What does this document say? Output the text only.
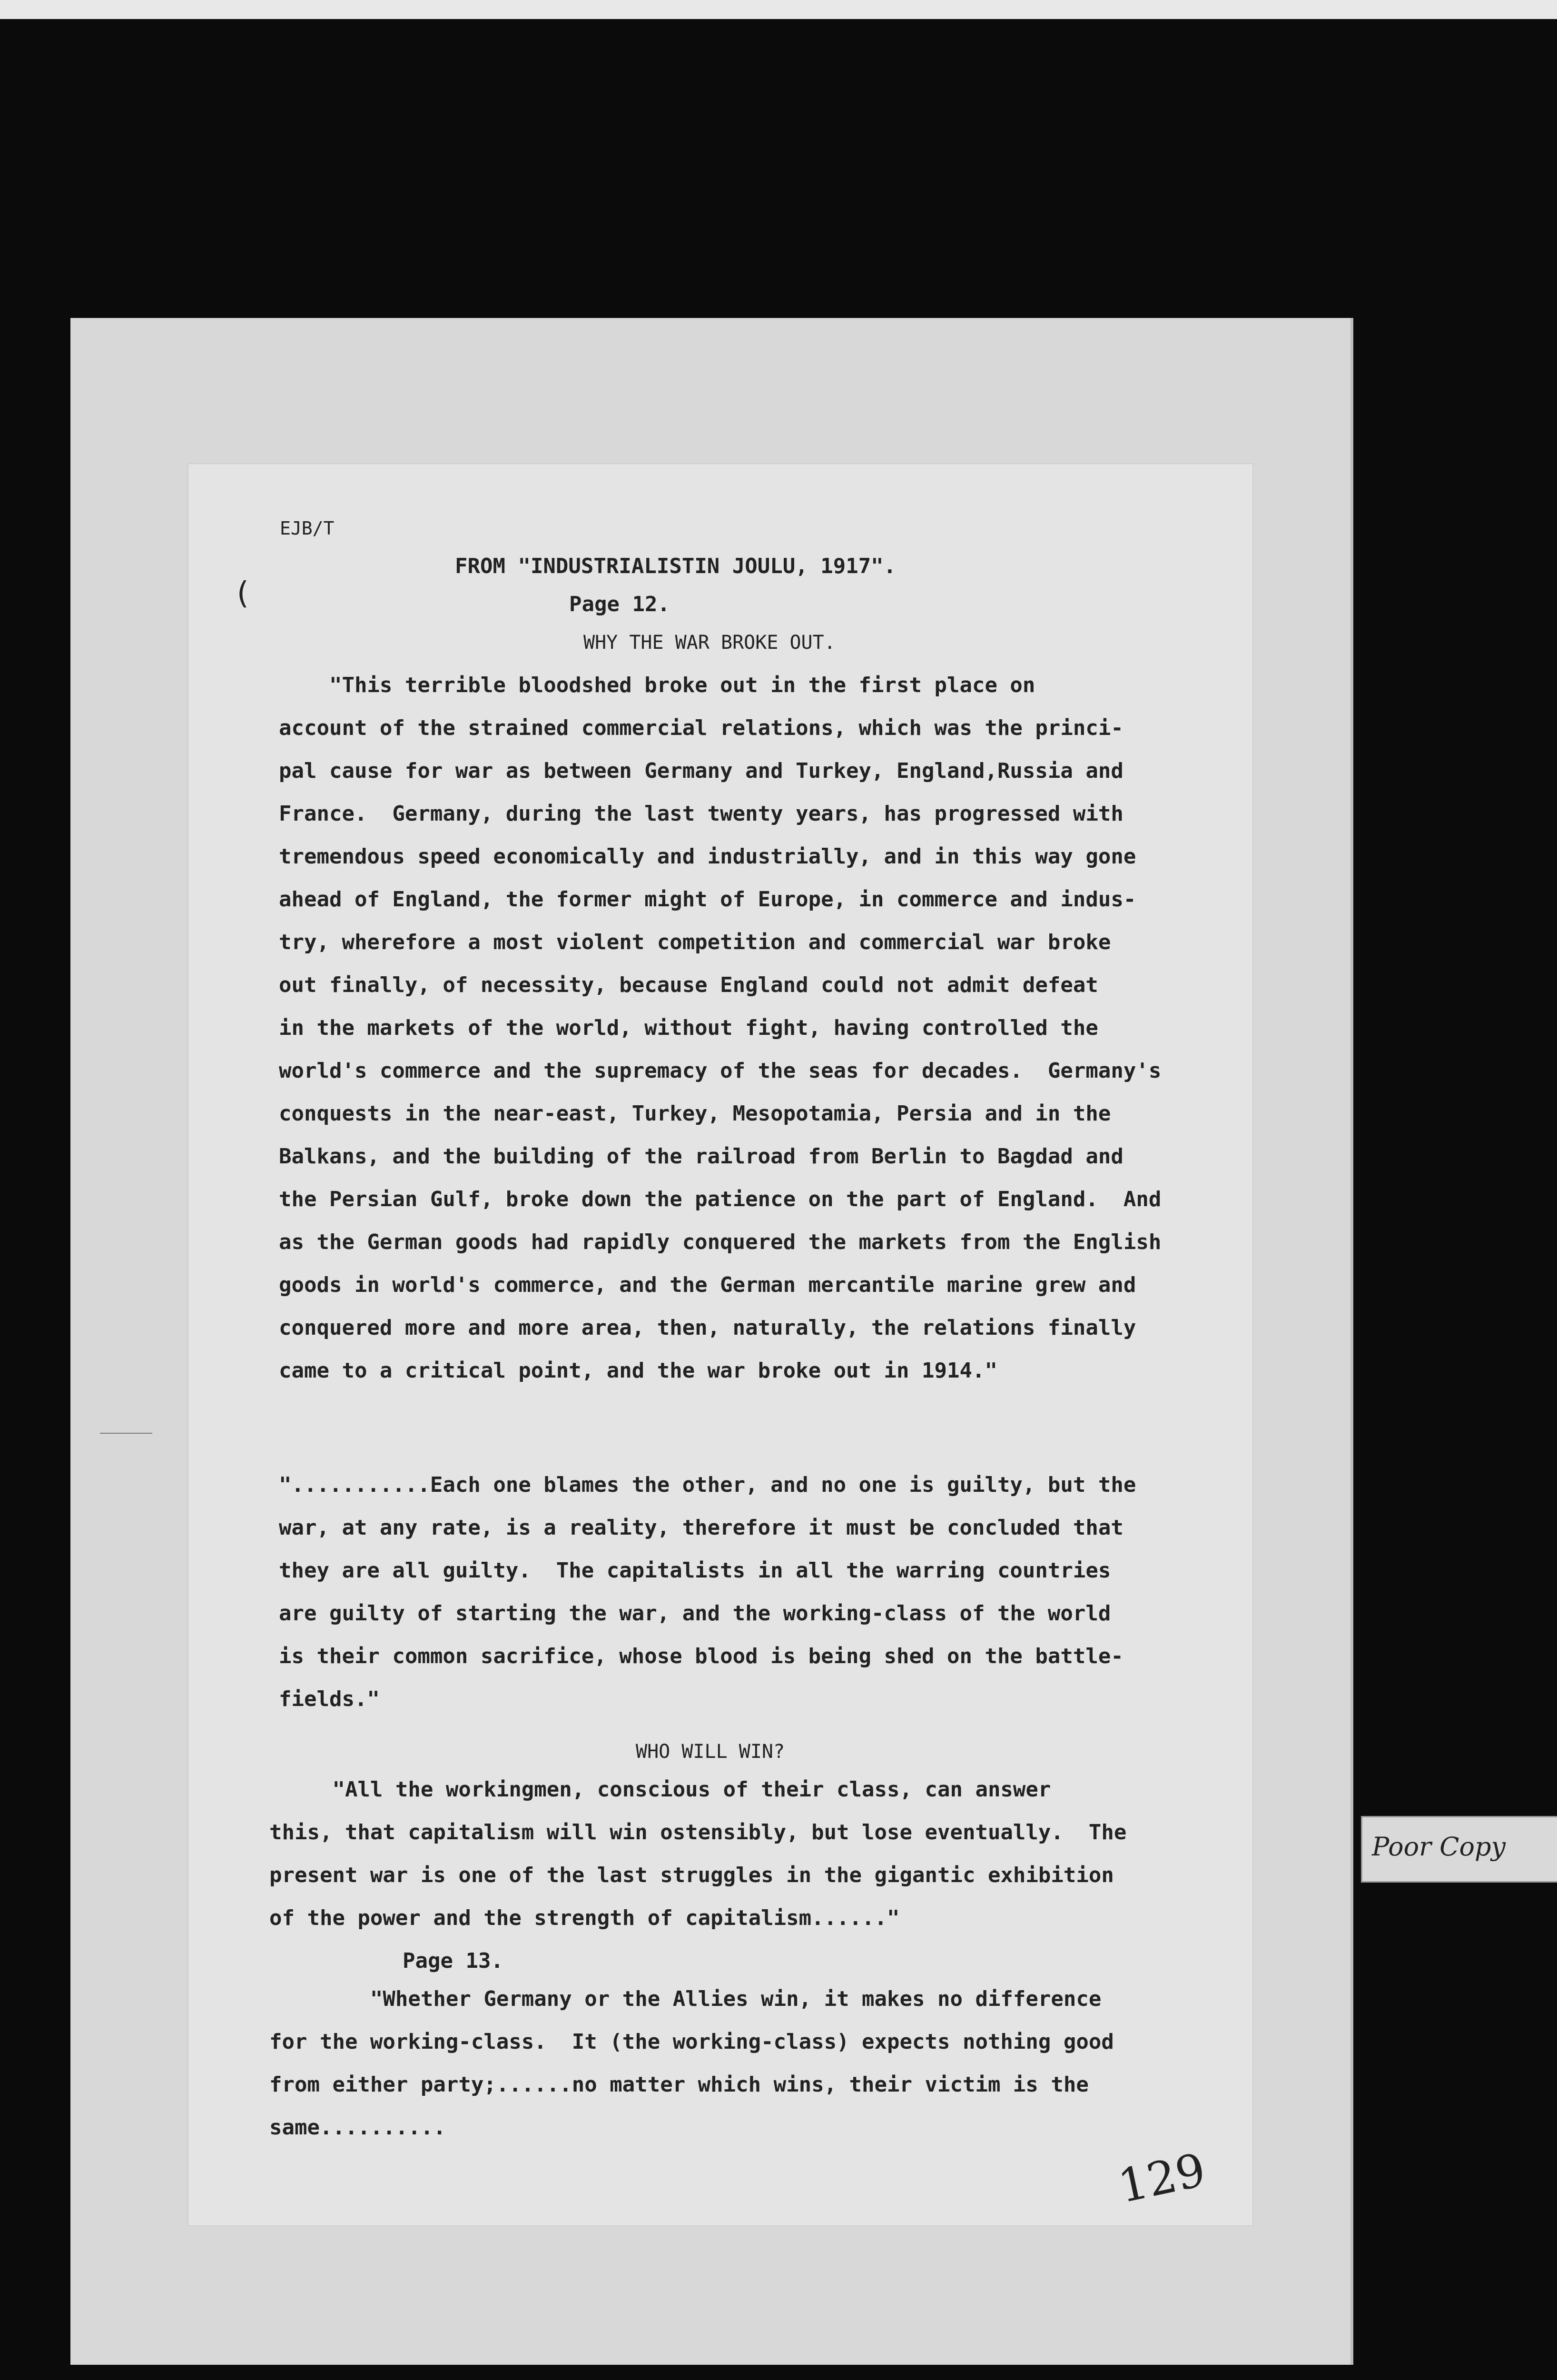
EJB/T
FROM "INDUSTRIALISTIN JOULU, 1917".
Page 12.
WHY THE WAR BROKE OUT.
"This terrible bloodshed broke out in the first place on
account of the strained commercial relations, which was the princi-
pal cause for war as between Germany and Turkey, England,Russia and
France.  Germany, during the last twenty years, has progressed with
tremendous speed economically and industrially, and in this way gone
ahead of England, the former might of Europe, in commerce and indus-
try, wherefore a most violent competition and commercial war broke
out finally, of necessity, because England could not admit defeat
in the markets of the world, without fight, having controlled the
world's commerce and the supremacy of the seas for decades.  Germany's
conquests in the near-east, Turkey, Mesopotamia, Persia and in the
Balkans, and the building of the railroad from Berlin to Bagdad and
the Persian Gulf, broke down the patience on the part of England.  And
as the German goods had rapidly conquered the markets from the English
goods in world's commerce, and the German mercantile marine grew and
conquered more and more area, then, naturally, the relations finally
came to a critical point, and the war broke out in 1914."
"...........Each one blames the other, and no one is guilty, but the
war, at any rate, is a reality, therefore it must be concluded that
they are all guilty.  The capitalists in all the warring countries
are guilty of starting the war, and the working-class of the world
is their common sacrifice, whose blood is being shed on the battle-
fields."
WHO WILL WIN?
"All the workingmen, conscious of their class, can answer
this, that capitalism will win ostensibly, but lose eventually.  The
present war is one of the last struggles in the gigantic exhibition
of the power and the strength of capitalism......"
Page 13.
"Whether Germany or the Allies win, it makes no difference
for the working-class.  It (the working-class) expects nothing good
from either party;......no matter which wins, their victim is the
same..........
(
129
Poor Copy
